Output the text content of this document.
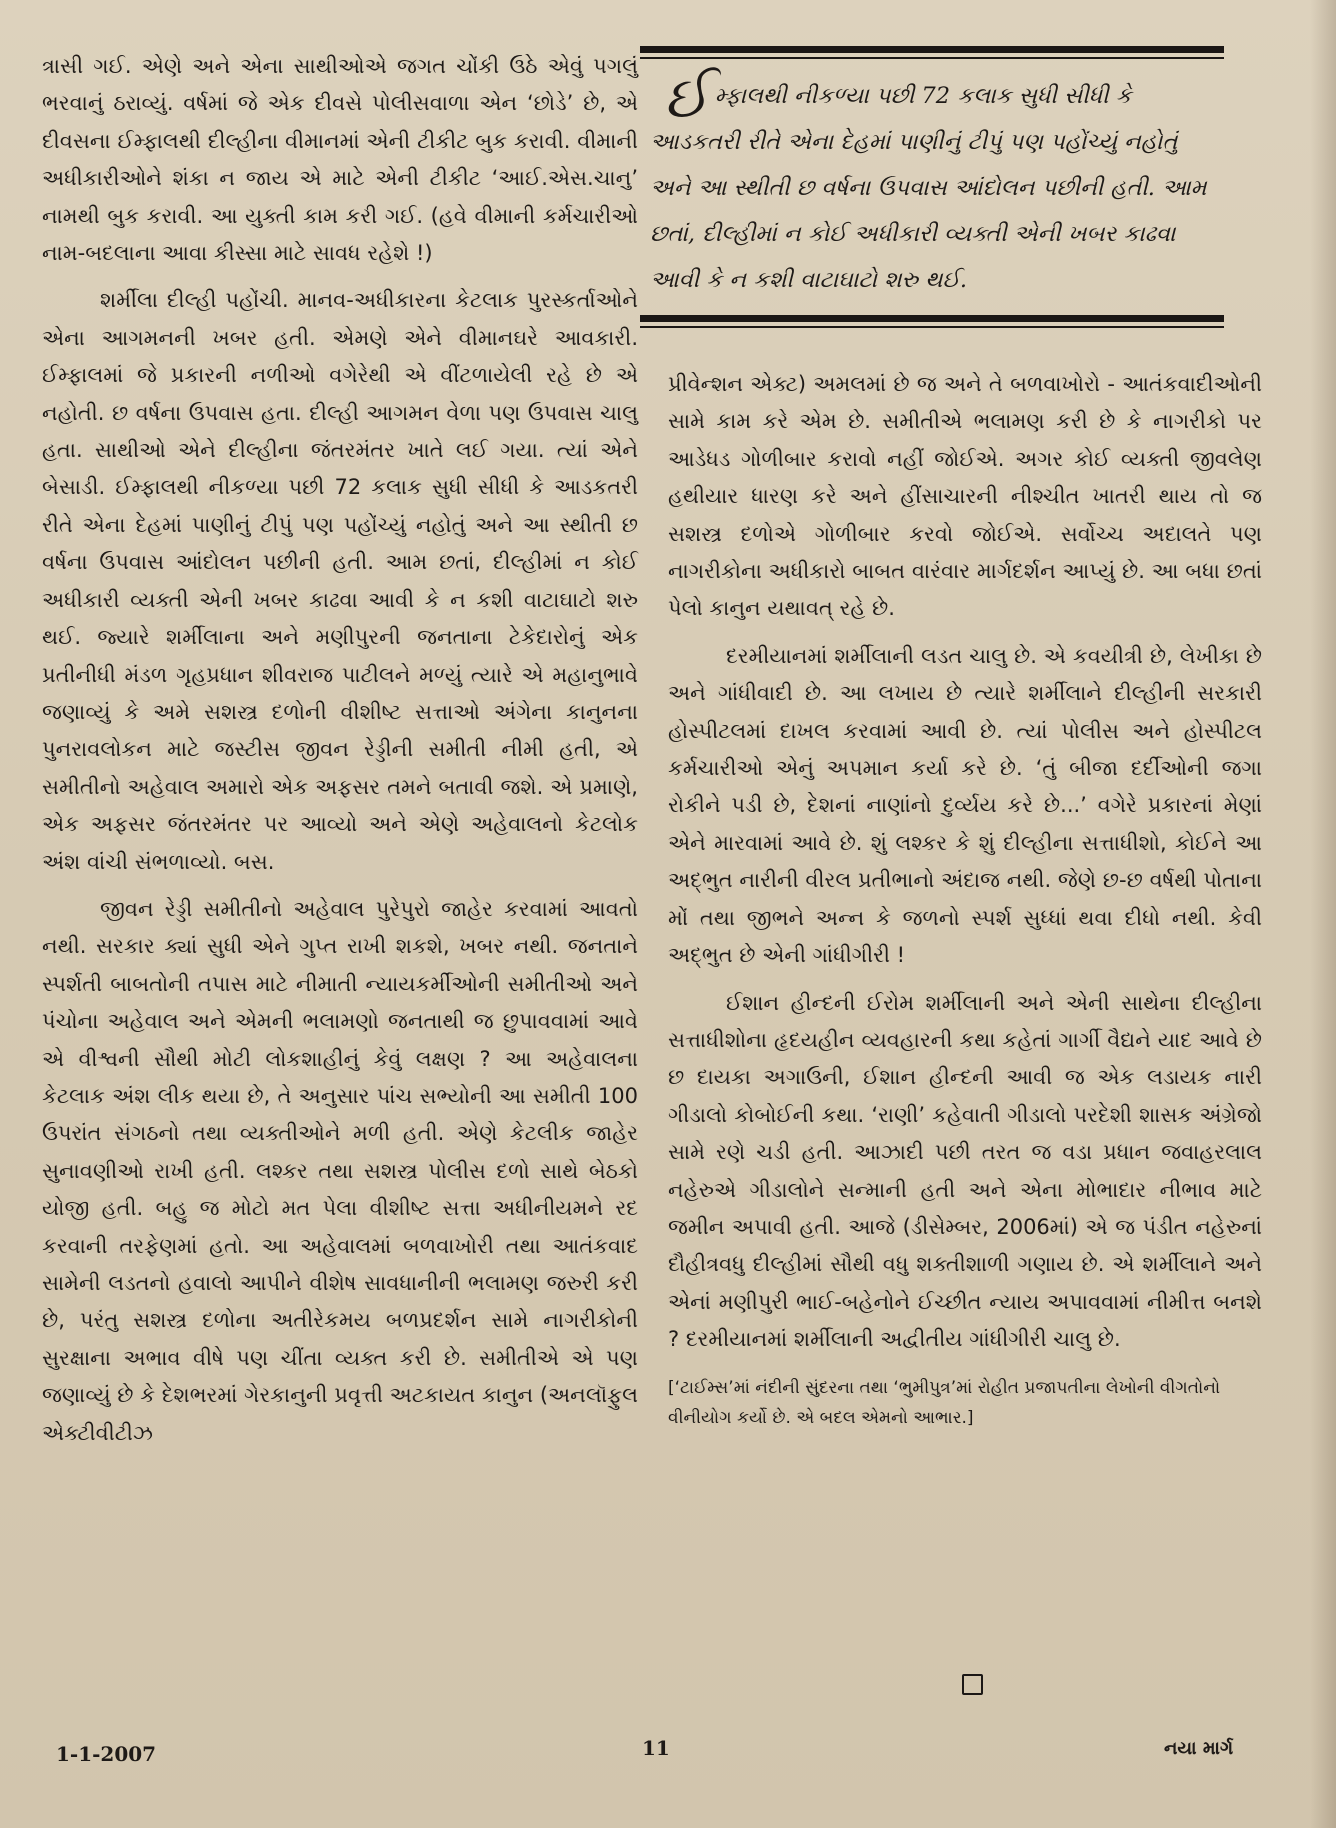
ત્રાસી ગઈ. એણે અને એના સાથીઓએ જગત ચોંકી ઉઠે એવું પગલું ભરવાનું ઠરાવ્યું. વર્ષમાં જે એક દીવસે પોલીસવાળા એન ‘છોડે’ છે, એ દીવસના ઈમ્ફાલથી દીલ્હીના વીમાનમાં એની ટીકીટ બુક કરાવી. વીમાની અધીકારીઓને શંકા ન જાય એ માટે એની ટીકીટ ‘આઈ.એસ.ચાનુ’ નામથી બુક કરાવી. આ યુક્તી કામ કરી ગઈ. (હવે વીમાની કર્મચારીઓ નામ-બદલાના આવા કીસ્સા માટે સાવધ રહેશે !)

શર્મીલા દીલ્હી પહોંચી. માનવ-અધીકારના કેટલાક પુરસ્કર્તાઓને એના આગમનની ખબર હતી. એમણે એને વીમાનઘરે આવકારી. ઈમ્ફાલમાં જે પ્રકારની નળીઓ વગેરેથી એ વીંટળાયેલી રહે છે એ નહોતી. છ વર્ષના ઉપવાસ હતા. દીલ્હી આગમન વેળા પણ ઉપવાસ ચાલુ હતા. સાથીઓ એને દીલ્હીના જંતરમંતર ખાતે લઈ ગયા. ત્યાં એને બેસાડી. ઈમ્ફાલથી નીકળ્યા પછી 72 કલાક સુધી સીધી કે આડકતરી રીતે એના દેહમાં પાણીનું ટીપું પણ પહોંચ્યું નહોતું અને આ સ્થીતી છ વર્ષના ઉપવાસ આંદોલન પછીની હતી. આમ છતાં, દીલ્હીમાં ન કોઈ અધીકારી વ્યક્તી એની ખબર કાઢવા આવી કે ન કશી વાટાઘાટો શરુ થઈ. જ્યારે શર્મીલાના અને મણીપુરની જનતાના ટેકેદારોનું એક પ્રતીનીધી મંડળ ગૃહપ્રધાન શીવરાજ પાટીલને મળ્યું ત્યારે એ મહાનુભાવે જણાવ્યું કે અમે સશસ્ત્ર દળોની વીશીષ્ટ સત્તાઓ અંગેના કાનુનના પુનરાવલોકન માટે જસ્ટીસ જીવન રેડ્ડીની સમીતી નીમી હતી, એ સમીતીનો અહેવાલ અમારો એક અફસર તમને બતાવી જશે. એ પ્રમાણે, એક અફસર જંતરમંતર પર આવ્યો અને એણે અહેવાલનો કેટલોક અંશ વાંચી સંભળાવ્યો. બસ.

જીવન રેડ્ડી સમીતીનો અહેવાલ પુરેપુરો જાહેર કરવામાં આવતો નથી. સરકાર ક્યાં સુધી એને ગુપ્ત રાખી શકશે, ખબર નથી. જનતાને સ્પર્શતી બાબતોની તપાસ માટે નીમાતી ન્યાયકર્મીઓની સમીતીઓ અને પંચોના અહેવાલ અને એમની ભલામણો જનતાથી જ છુપાવવામાં આવે એ વીશ્વની સૌથી મોટી લોકશાહીનું કેવું લક્ષણ ? આ અહેવાલના કેટલાક અંશ લીક થયા છે, તે અનુસાર પાંચ સભ્યોની આ સમીતી 100 ઉપરાંત સંગઠનો તથા વ્યક્તીઓને મળી હતી. એણે કેટલીક જાહેર સુનાવણીઓ રાખી હતી. લશ્કર તથા સશસ્ત્ર પોલીસ દળો સાથે બેઠકો યોજી હતી. બહુ જ મોટો મત પેલા વીશીષ્ટ સત્તા અધીનીયમને રદ કરવાની તરફેણમાં હતો. આ અહેવાલમાં બળવાખોરી તથા આતંકવાદ સામેની લડતનો હવાલો આપીને વીશેષ સાવધાનીની ભલામણ જરુરી કરી છે, પરંતુ સશસ્ત્ર દળોના અતીરેકમય બળપ્રદર્શન સામે નાગરીકોની સુરક્ષાના અભાવ વીષે પણ ચીંતા વ્યક્ત કરી છે. સમીતીએ એ પણ જણાવ્યું છે કે દેશભરમાં ગેરકાનુની પ્રવૃત્તી અટકાયત કાનુન (અનલૉફુલ એક્ટીવીટીઝ

ઈમ્ફાલથી નીકળ્યા પછી 72 કલાક સુધી સીધી કે આડકતરી રીતે એના દેહમાં પાણીનું ટીપું પણ પહોંચ્યું નહોતું અને આ સ્થીતી છ વર્ષના ઉપવાસ આંદોલન પછીની હતી. આમ છતાં, દીલ્હીમાં ન કોઈ અધીકારી વ્યક્તી એની ખબર કાઢવા આવી કે ન કશી વાટાઘાટો શરુ થઈ.

પ્રીવેન્શન એક્ટ) અમલમાં છે જ અને તે બળવાખોરો - આતંકવાદીઓની સામે કામ કરે એમ છે. સમીતીએ ભલામણ કરી છે કે નાગરીકો પર આડેધડ ગોળીબાર કરાવો નહીં જોઈએ. અગર કોઈ વ્યક્તી જીવલેણ હથીયાર ધારણ કરે અને હીંસાચારની નીશ્ચીત ખાતરી થાય તો જ સશસ્ત્ર દળોએ ગોળીબાર કરવો જોઈએ. સર્વોચ્ચ અદાલતે પણ નાગરીકોના અધીકારો બાબત વારંવાર માર્ગદર્શન આપ્યું છે. આ બધા છતાં પેલો કાનુન યથાવત્ રહે છે.

દરમીયાનમાં શર્મીલાની લડત ચાલુ છે. એ કવયીત્રી છે, લેખીકા છે અને ગાંધીવાદી છે. આ લખાય છે ત્યારે શર્મીલાને દીલ્હીની સરકારી હોસ્પીટલમાં દાખલ કરવામાં આવી છે. ત્યાં પોલીસ અને હોસ્પીટલ કર્મચારીઓ એનું અપમાન કર્યા કરે છે. ‘તું બીજા દર્દીઓની જગા રોકીને પડી છે, દેશનાં નાણાંનો દુર્વ્યય કરે છે...’ વગેરે પ્રકારનાં મેણાં એને મારવામાં આવે છે. શું લશ્કર કે શું દીલ્હીના સત્તાધીશો, કોઈને આ અદ્ભુત નારીની વીરલ પ્રતીભાનો અંદાજ નથી. જેણે છ-છ વર્ષથી પોતાના મોં તથા જીભને અન્ન કે જળનો સ્પર્શ સુધ્ધાં થવા દીધો નથી. કેવી અદ્ભુત છે એની ગાંધીગીરી !

ઈશાન હીન્દની ઈરોમ શર્મીલાની અને એની સાથેના દીલ્હીના સત્તાધીશોના હૃદયહીન વ્યવહારની કથા કહેતાં ગાર્ગી વૈદ્યને યાદ આવે છે છ દાયકા અગાઉની, ઈશાન હીન્દની આવી જ એક લડાયક નારી ગીડાલો કોબોઈની કથા. ‘રાણી’ કહેવાતી ગીડાલો પરદેશી શાસક અંગ્રેજો સામે રણે ચડી હતી. આઝાદી પછી તરત જ વડા પ્રધાન જવાહરલાલ નહેરુએ ગીડાલોને સન્માની હતી અને એના મોભાદાર નીભાવ માટે જમીન અપાવી હતી. આજે (ડીસેમ્બર, 2006માં) એ જ પંડીત નહેરુનાં દૌહીત્રવધુ દીલ્હીમાં સૌથી વધુ શક્તીશાળી ગણાય છે. એ શર્મીલાને અને એનાં મણીપુરી ભાઈ-બહેનોને ઈચ્છીત ન્યાય અપાવવામાં નીમીત્ત બનશે ? દરમીયાનમાં શર્મીલાની અદ્વીતીય ગાંધીગીરી ચાલુ છે.

[‘ટાઈમ્સ’માં નંદીની સુંદરના તથા ‘ભુમીપુત્ર’માં રોહીત પ્રજાપતીના લેખોની વીગતોનો વીનીયોગ કર્યો છે. એ બદલ એમનો આભાર.]

1-1-2007	11	નયા માર્ગ
